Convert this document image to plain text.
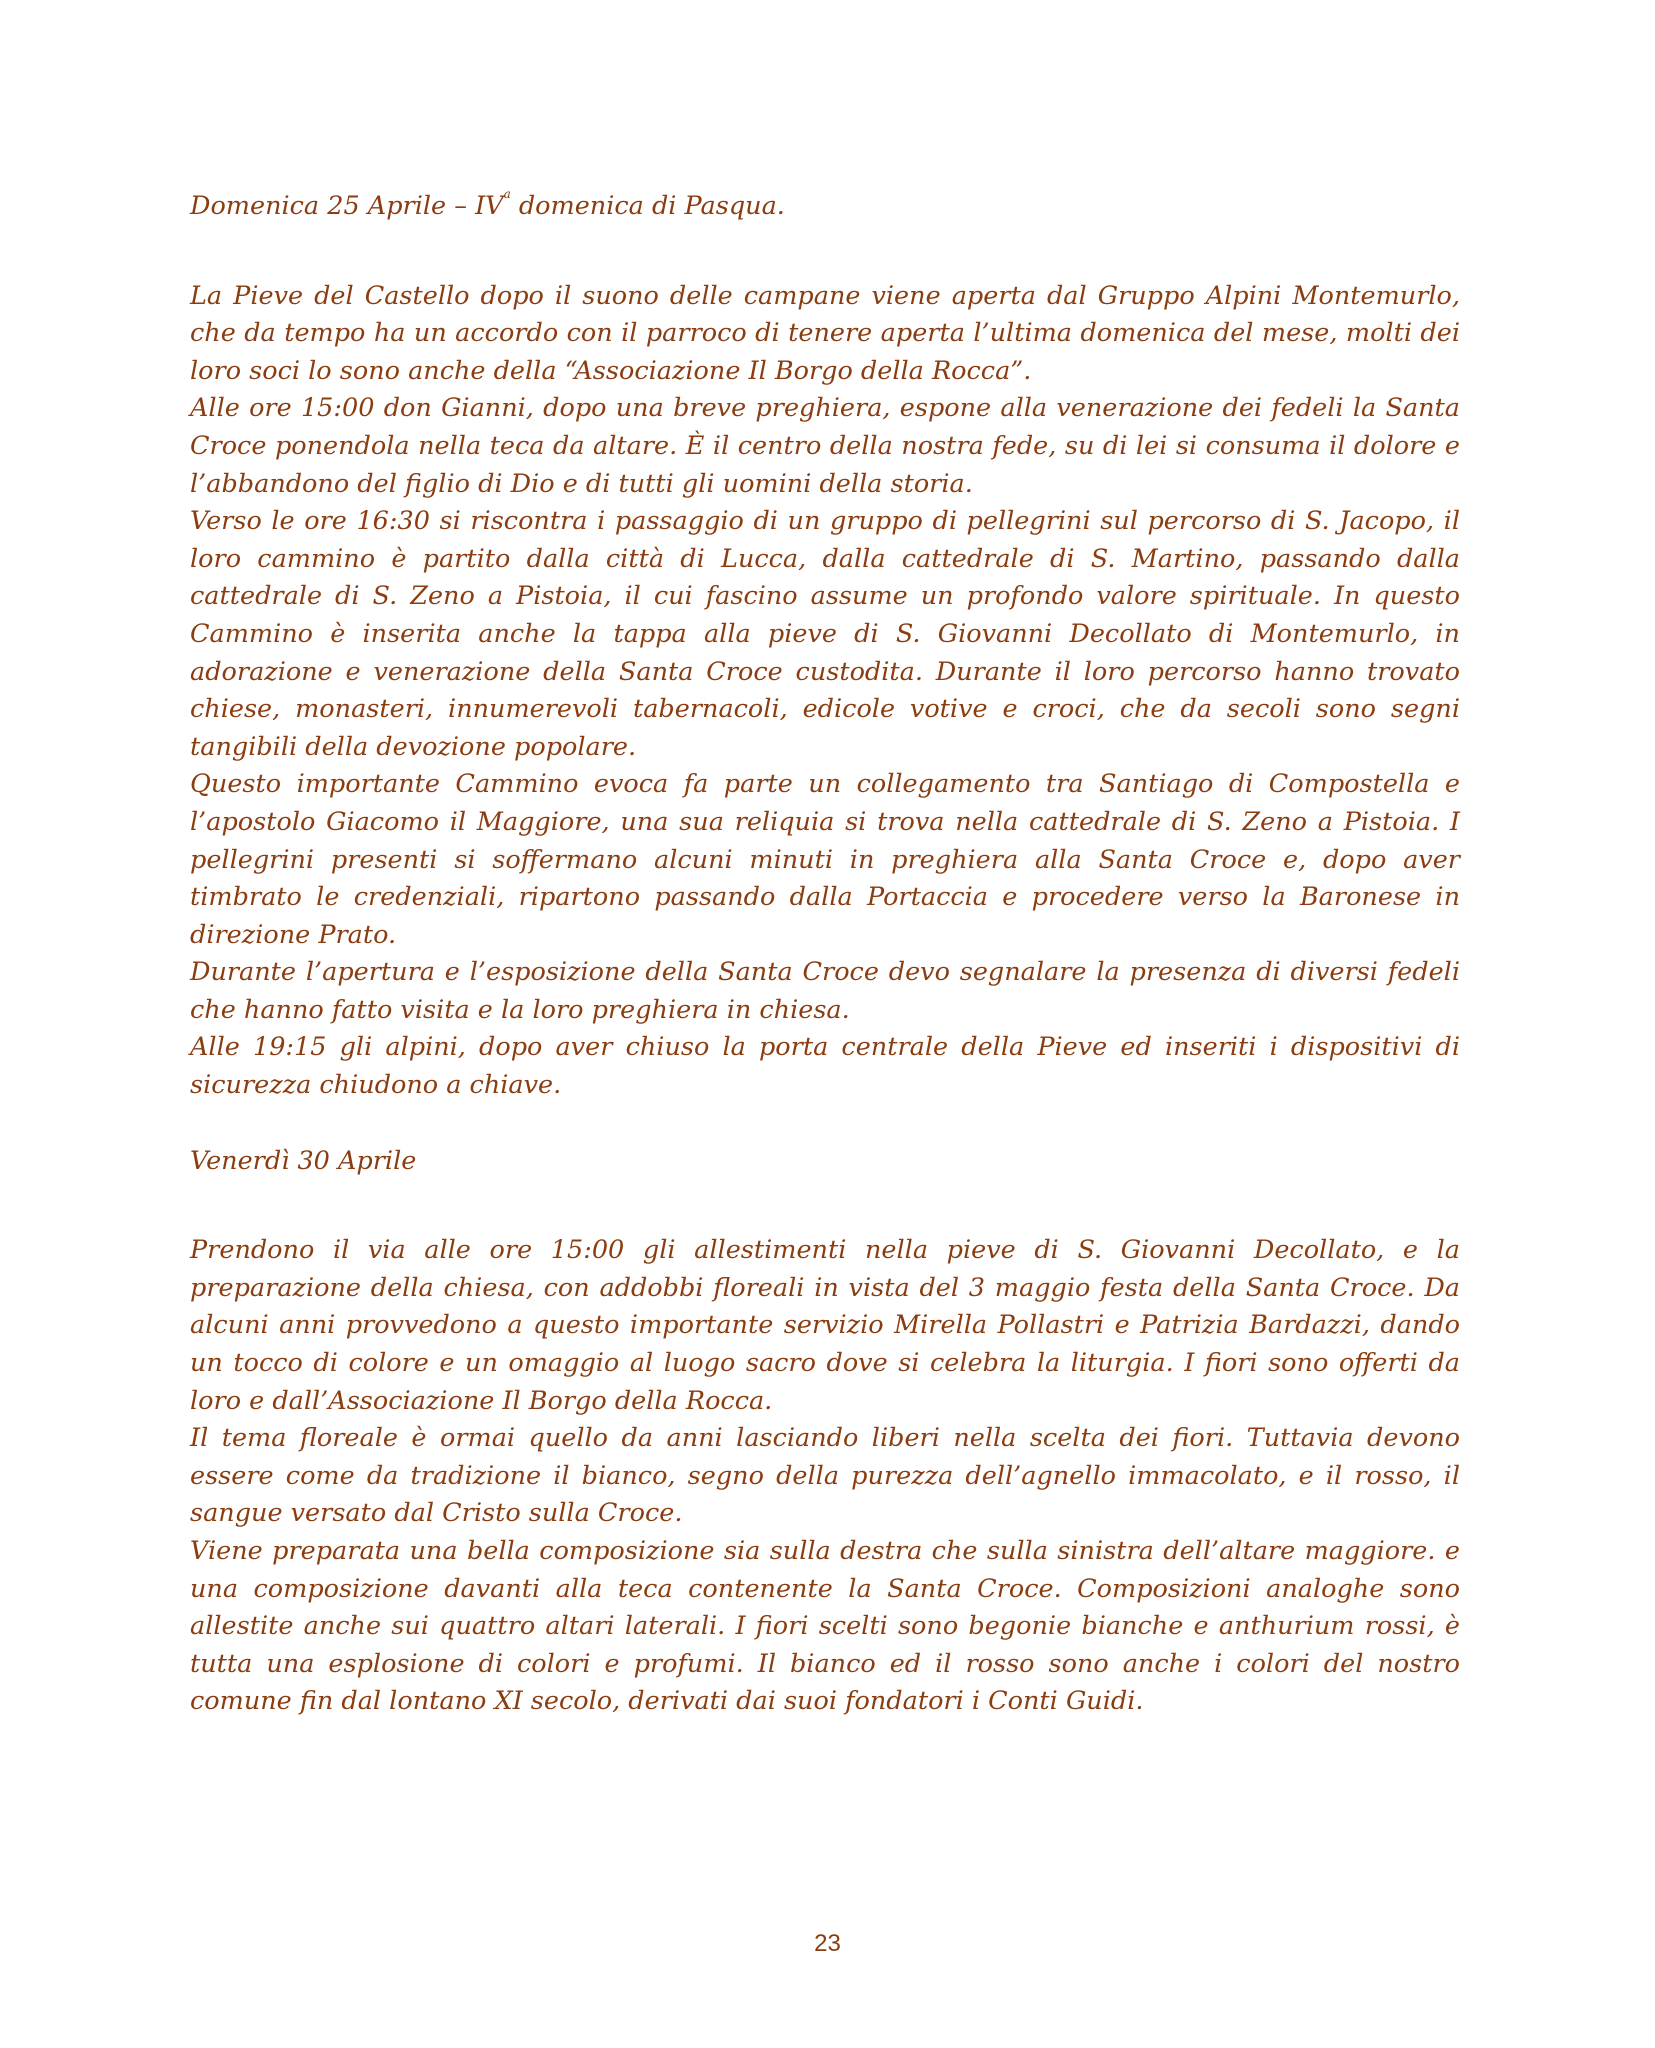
Domenica 25 Aprile – $IV^a$ domenica di Pasqua.

La Pieve del Castello dopo il suono delle campane viene aperta dal Gruppo Alpini Montemurlo, che da tempo ha un accordo con il parroco di tenere aperta l’ultima domenica del mese, molti dei loro soci lo sono anche della “Associazione Il Borgo della Rocca”.

Alle ore 15:00 don Gianni, dopo una breve preghiera, espone alla venerazione dei fedeli la Santa Croce ponendola nella teca da altare. È il centro della nostra fede, su di lei si consuma il dolore e l’abbandono del figlio di Dio e di tutti gli uomini della storia.

Verso le ore 16:30 si riscontra i passaggio di un gruppo di pellegrini sul percorso di S. Jacopo, il loro cammino è partito dalla città di Lucca, dalla cattedrale di S. Martino, passando dalla cattedrale di S. Zeno a Pistoia, il cui fascino assume un profondo valore spirituale. In questo Cammino è inserita anche la tappa alla pieve di S. Giovanni Decollato di Montemurlo, in adorazione e venerazione della Santa Croce custodita. Durante il loro percorso hanno trovato chiese, monasteri, innumerevoli tabernacoli, edicole votive e croci, che da secoli sono segni tangibili della devozione popolare.

Questo importante Cammino evoca fa parte un collegamento tra Santiago di Compostella e l’apostolo Giacomo il Maggiore, una sua reliquia si trova nella cattedrale di S. Zeno a Pistoia. I pellegrini presenti si soffermano alcuni minuti in preghiera alla Santa Croce e, dopo aver timbrato le credenziali, ripartono passando dalla Portaccia e procedere verso la Baronese in direzione Prato.

Durante l’apertura e l’esposizione della Santa Croce devo segnalare la presenza di diversi fedeli che hanno fatto visita e la loro preghiera in chiesa.

Alle 19:15 gli alpini, dopo aver chiuso la porta centrale della Pieve ed inseriti i dispositivi di sicurezza chiudono a chiave.

Venerdì 30 Aprile

Prendono il via alle ore 15:00 gli allestimenti nella pieve di S. Giovanni Decollato, e la preparazione della chiesa, con addobbi floreali in vista del 3 maggio festa della Santa Croce. Da alcuni anni provvedono a questo importante servizio Mirella Pollastri e Patrizia Bardazzi, dando un tocco di colore e un omaggio al luogo sacro dove si celebra la liturgia. I fiori sono offerti da loro e dall’Associazione Il Borgo della Rocca.

Il tema floreale è ormai quello da anni lasciando liberi nella scelta dei fiori. Tuttavia devono essere come da tradizione il bianco, segno della purezza dell’agnello immacolato, e il rosso, il sangue versato dal Cristo sulla Croce.

Viene preparata una bella composizione sia sulla destra che sulla sinistra dell’altare maggiore. e una composizione davanti alla teca contenente la Santa Croce. Composizioni analoghe sono allestite anche sui quattro altari laterali. I fiori scelti sono begonie bianche e anthurium rossi, è tutta una esplosione di colori e profumi. Il bianco ed il rosso sono anche i colori del nostro comune fin dal lontano XI secolo, derivati dai suoi fondatori i Conti Guidi.

23
